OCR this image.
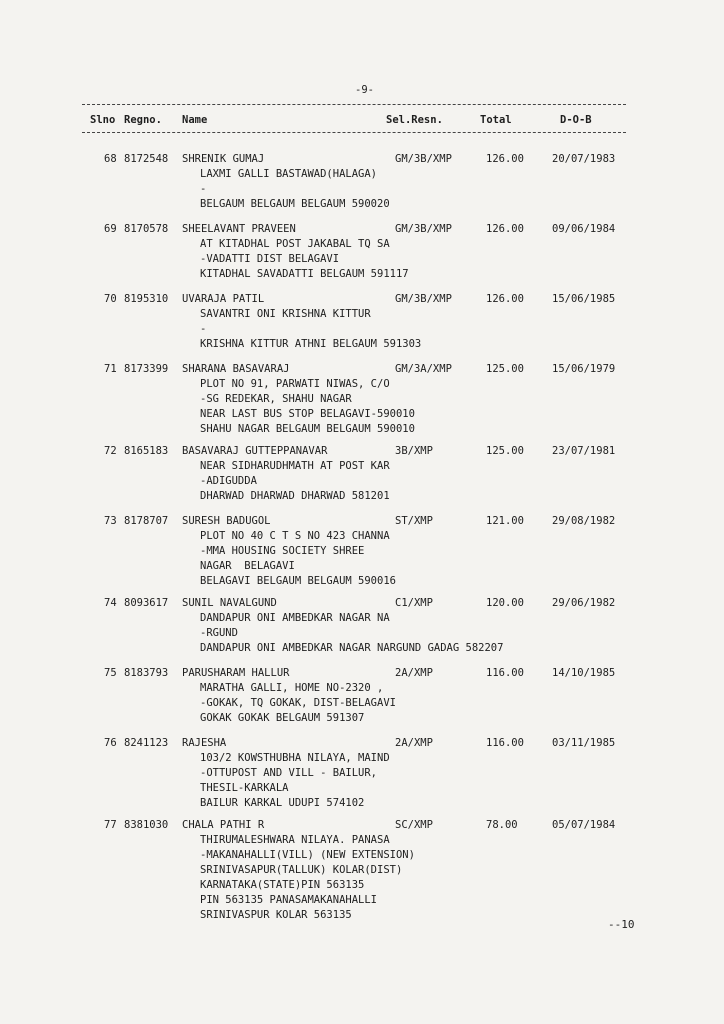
-9-
Slno Regno. Name	Sel.Resn.	Total	D-O-B
68 8172548 SHRENIK GUMAJ	GM/3B/XMP	126.00	20/07/1983
LAXMI GALLI BASTAWAD(HALAGA)
-
BELGAUM BELGAUM BELGAUM 590020
69 8170578 SHEELAVANT PRAVEEN	GM/3B/XMP	126.00	09/06/1984
AT KITADHAL POST JAKABAL TQ SA
-VADATTI DIST BELAGAVI
KITADHAL SAVADATTI BELGAUM 591117
70 8195310 UVARAJA PATIL	GM/3B/XMP	126.00	15/06/1985
SAVANTRI ONI KRISHNA KITTUR
-
KRISHNA KITTUR ATHNI BELGAUM 591303
71 8173399 SHARANA BASAVARAJ	GM/3A/XMP	125.00	15/06/1979
PLOT NO 91, PARWATI NIWAS, C/O
-SG REDEKAR, SHAHU NAGAR
NEAR LAST BUS STOP BELAGAVI-590010
SHAHU NAGAR BELGAUM BELGAUM 590010
72 8165183 BASAVARAJ GUTTEPPANAVAR	3B/XMP	125.00	23/07/1981
NEAR SIDHARUDHMATH AT POST KAR
-ADIGUDDA
DHARWAD DHARWAD DHARWAD 581201
73 8178707 SURESH BADUGOL	ST/XMP	121.00	29/08/1982
PLOT NO 40 C T S NO 423 CHANNA
-MMA HOUSING SOCIETY SHREE
NAGAR  BELAGAVI
BELAGAVI BELGAUM BELGAUM 590016
74 8093617 SUNIL NAVALGUND	C1/XMP	120.00	29/06/1982
DANDAPUR ONI AMBEDKAR NAGAR NA
-RGUND
DANDAPUR ONI AMBEDKAR NAGAR NARGUND GADAG 582207
75 8183793 PARUSHARAM HALLUR	2A/XMP	116.00	14/10/1985
MARATHA GALLI, HOME NO-2320 ,
-GOKAK, TQ GOKAK, DIST-BELAGAVI
GOKAK GOKAK BELGAUM 591307
76 8241123 RAJESHA	2A/XMP	116.00	03/11/1985
103/2 KOWSTHUBHA NILAYA, MAIND
-OTTUPOST AND VILL - BAILUR,
THESIL-KARKALA
BAILUR KARKAL UDUPI 574102
77 8381030 CHALA PATHI R	SC/XMP	78.00	05/07/1984
THIRUMALESHWARA NILAYA. PANASA
-MAKANAHALLI(VILL) (NEW EXTENSION)
SRINIVASAPUR(TALLUK) KOLAR(DIST)
KARNATAKA(STATE)PIN 563135
PIN 563135 PANASAMAKANAHALLI
SRINIVASPUR KOLAR 563135
--10
